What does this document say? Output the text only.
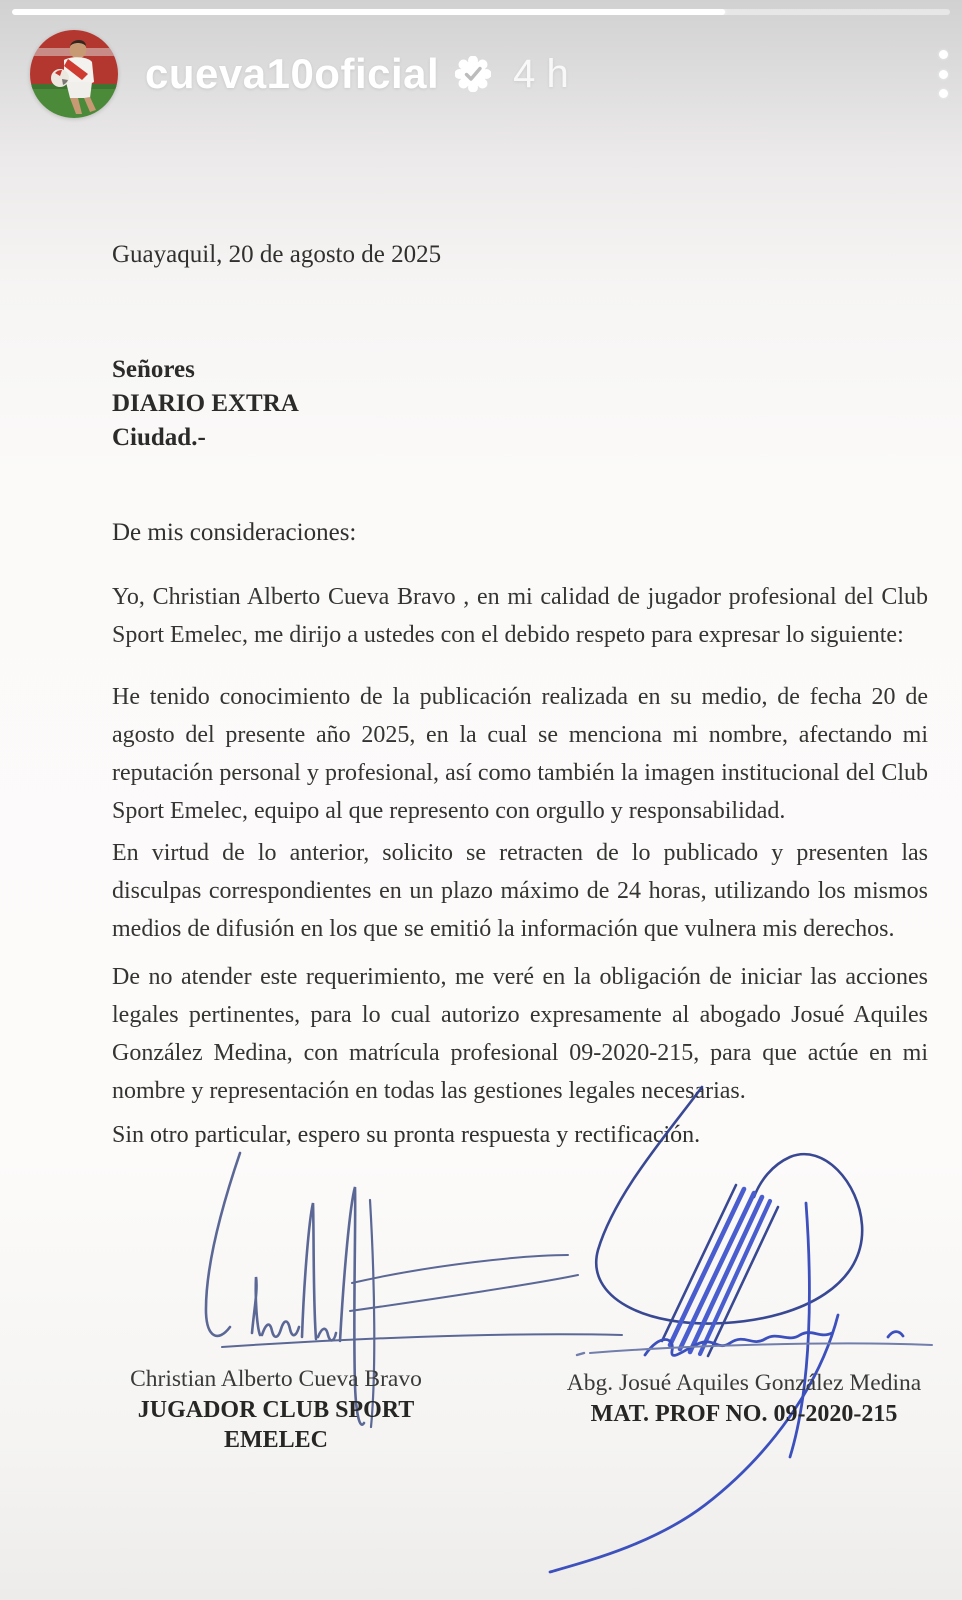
cueva10oficial 4 h
Guayaquil, 20 de agosto de 2025
Señores
DIARIO EXTRA
Ciudad.-
De mis consideraciones:
Yo, Christian Alberto Cueva Bravo , en mi calidad de jugador profesional del Club Sport Emelec, me dirijo a ustedes con el debido respeto para expresar lo siguiente:
He tenido conocimiento de la publicación realizada en su medio, de fecha 20 de agosto del presente año 2025, en la cual se menciona mi nombre, afectando mi reputación personal y profesional, así como también la imagen institucional del Club Sport Emelec, equipo al que represento con orgullo y responsabilidad.
En virtud de lo anterior, solicito se retracten de lo publicado y presenten las disculpas correspondientes en un plazo máximo de 24 horas, utilizando los mismos medios de difusión en los que se emitió la información que vulnera mis derechos.
De no atender este requerimiento, me veré en la obligación de iniciar las acciones legales pertinentes, para lo cual autorizo expresamente al abogado Josué Aquiles González Medina, con matrícula profesional 09-2020-215, para que actúe en mi nombre y representación en todas las gestiones legales necesarias.
Sin otro particular, espero su pronta respuesta y rectificación.
Christian Alberto Cueva Bravo
JUGADOR CLUB SPORT EMELEC
Abg. Josué Aquiles González Medina
MAT. PROF NO. 09-2020-215
